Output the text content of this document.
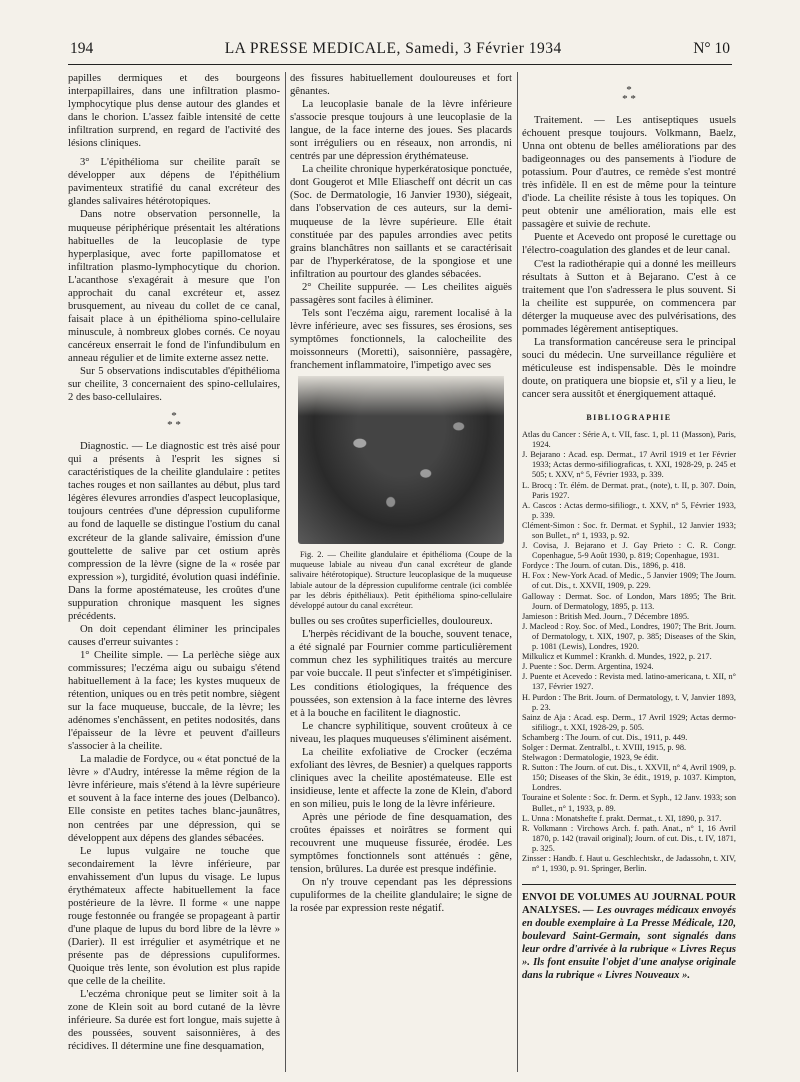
194	LA PRESSE MEDICALE, Samedi, 3 Février 1934	N° 10

papilles dermiques et des bourgeons interpapillaires, dans une infiltration plasmo-lymphocytique plus dense autour des glandes et dans le chorion. L'assez faible intensité de cette infiltration surprend, en regard de l'activité des lésions cliniques.

3° L'épithélioma sur cheilite paraît se développer aux dépens de l'épithélium pavimenteux stratifié du canal excréteur des glandes salivaires hétérotopiques.

Dans notre observation personnelle, la muqueuse périphérique présentait les altérations habituelles de la leucoplasie de type hyperplasique, avec forte papillomatose et infiltration plasmo-lymphocytique du chorion. L'acanthose s'exagérait à mesure que l'on approchait du canal excréteur et, assez brusquement, au niveau du collet de ce canal, faisait place à un épithélioma spino-cellulaire minuscule, à nombreux globes cornés. Ce noyau cancéreux enserrait le fond de l'infundibulum en anneau régulier et de limite externe assez nette.

Sur 5 observations indiscutables d'épithélioma sur cheilite, 3 concernaient des spino-cellulaires, 2 des baso-cellulaires.

*
* *

Diagnostic. — Le diagnostic est très aisé pour qui a présents à l'esprit les signes si caractéristiques de la cheilite glandulaire : petites taches rouges et non saillantes au début, plus tard légères élevures arrondies d'aspect leucoplasique, toujours centrées d'une dépression cupuliforme au fond de laquelle se distingue l'ostium du canal excréteur de la glande salivaire, émission d'une gouttelette de salive par cet ostium après compression de la lèvre (signe de la « rosée par expression »), turgidité, évolution quasi indéfinie. Dans la forme apostémateuse, les croûtes d'une suppuration chronique masquent les signes précédents.

On doit cependant éliminer les principales causes d'erreur suivantes :

1° Cheilite simple. — La perlèche siège aux commissures; l'eczéma aigu ou subaigu s'étend habituellement à la face; les kystes muqueux de rétention, uniques ou en très petit nombre, siègent sur la face muqueuse, buccale, de la lèvre; les adénomes s'enchâssent, en petites nodosités, dans l'épaisseur de la lèvre et peuvent d'ailleurs s'associer à la cheilite.

La maladie de Fordyce, ou « état ponctué de la lèvre » d'Audry, intéresse la même région de la lèvre inférieure, mais s'étend à la lèvre supérieure et souvent à la face interne des joues (Delbanco). Elle consiste en petites taches blanc-jaunâtres, non centrées par une dépression, qui se développent aux dépens des glandes sébacées.

Le lupus vulgaire ne touche que secondairement la lèvre inférieure, par envahissement d'un lupus du visage. Le lupus érythémateux affecte habituellement la face postérieure de la lèvre. Il forme « une nappe rouge festonnée ou frangée se propageant à partir d'une plaque de lupus du bord libre de la lèvre » (Darier). Il est irrégulier et asymétrique et ne présente pas de dépressions cupuliformes. Quoique très lente, son évolution est plus rapide que celle de la cheilite.

L'eczéma chronique peut se limiter soit à la zone de Klein soit au bord cutané de la lèvre inférieure. Sa durée est fort longue, mais sujette à des poussées, souvent saisonnières, à des récidives. Il détermine une fine desquamation,

des fissures habituellement douloureuses et fort gênantes.

La leucoplasie banale de la lèvre inférieure s'associe presque toujours à une leucoplasie de la langue, de la face interne des joues. Ses placards sont irréguliers ou en réseaux, non arrondis, ni centrés par une dépression érythémateuse.

La cheilite chronique hyperkératosique ponctuée, dont Gougerot et Mlle Eliascheff ont décrit un cas (Soc. de Dermatologie, 16 Janvier 1930), siégeait, dans l'observation de ces auteurs, sur la demi-muqueuse de la lèvre supérieure. Elle était constituée par des papules arrondies avec petits grains blanchâtres non saillants et se caractérisait par de l'hyperkératose, de la spongiose et une infiltration au pourtour des glandes sébacées.

2° Cheilite suppurée. — Les cheilites aiguës passagères sont faciles à éliminer.

Tels sont l'eczéma aigu, rarement localisé à la lèvre inférieure, avec ses fissures, ses érosions, ses symptômes fonctionnels, la calocheilite des moissonneurs (Moretti), saisonnière, passagère, franchement inflammatoire, l'impetigo avec ses

Fig. 2. — Cheilite glandulaire et épithélioma (Coupe de la muqueuse labiale au niveau d'un canal excréteur de glande salivaire hétérotopique). Structure leucoplasique de la muqueuse labiale autour de la dépression cupuliforme centrale (ici comblée par les débris épithéliaux). Petit épithélioma spino-cellulaire développé autour du canal excréteur.

bulles ou ses croûtes superficielles, douloureux.

L'herpès récidivant de la bouche, souvent tenace, a été signalé par Fournier comme particulièrement commun chez les syphilitiques traités au mercure par voie buccale. Il peut s'infecter et s'impétiginiser. Les conditions étiologiques, la fréquence des poussées, son extension à la face interne des lèvres et à la bouche en facilitent le diagnostic.

Le chancre syphilitique, souvent croûteux à ce niveau, les plaques muqueuses s'éliminent aisément.

La cheilite exfoliative de Crocker (eczéma exfoliant des lèvres, de Besnier) a quelques rapports cliniques avec la cheilite apostémateuse. Elle est insidieuse, lente et affecte la zone de Klein, d'abord en son milieu, puis le long de la lèvre inférieure.

Après une période de fine desquamation, des croûtes épaisses et noirâtres se forment qui recouvrent une muqueuse fissurée, érodée. Les symptômes fonctionnels sont atténués : gêne, tension, brûlures. La durée est presque indéfinie.

On n'y trouve cependant pas les dépressions cupuliformes de la cheilite glandulaire; le signe de la rosée par expression reste négatif.

*
* *

Traitement. — Les antiseptiques usuels échouent presque toujours. Volkmann, Baelz, Unna ont obtenu de belles améliorations par des badigeonnages ou des pansements à l'iodure de potassium. Pour d'autres, ce remède s'est montré très infidèle. Il en est de même pour la teinture d'iode. La cheilite résiste à tous les topiques. On peut obtenir une amélioration, mais elle est passagère et suivie de rechute.

Puente et Acevedo ont proposé le curettage ou l'électro-coagulation des glandes et de leur canal.

C'est la radiothérapie qui a donné les meilleurs résultats à Sutton et à Bejarano. C'est à ce traitement que l'on s'adressera le plus souvent. Si la cheilite est suppurée, on commencera par déterger la muqueuse avec des pulvérisations, des pommades légèrement antiseptiques.

La transformation cancéreuse sera le principal souci du médecin. Une surveillance régulière et méticuleuse est indispensable. Dès le moindre doute, on pratiquera une biopsie et, s'il y a lieu, le cancer sera aussitôt et énergiquement attaqué.

BIBLIOGRAPHIE

Atlas du Cancer : Série A, t. VII, fasc. 1, pl. 11 (Masson), Paris, 1924.

J. Bejarano : Acad. esp. Dermat., 17 Avril 1919 et 1er Février 1933; Actas dermo-sifiliograficas, t. XXI, 1928-29, p. 245 et 505; t. XXV, n° 5, Février 1933, p. 339.

L. Brocq : Tr. élém. de Dermat. prat., (note), t. II, p. 307. Doin, Paris 1927.

A. Cascos : Actas dermo-sifiliogr., t. XXV, n° 5, Février 1933, p. 339.

Clément-Simon : Soc. fr. Dermat. et Syphil., 12 Janvier 1933; son Bullet., n° 1, 1933, p. 92.

J. Covisa, J. Bejarano et J. Gay Prieto : C. R. Congr. Copenhague, 5-9 Août 1930, p. 819; Copenhague, 1931.

Fordyce : The Journ. of cutan. Dis., 1896, p. 418.

H. Fox : New-York Acad. of Medic., 5 Janvier 1909; The Journ. of cut. Dis., t. XXVII, 1909, p. 229.

Galloway : Dermat. Soc. of London, Mars 1895; The Brit. Journ. of Dermatology, 1895, p. 113.

Jamieson : British Med. Journ., 7 Décembre 1895.

J. Macleod : Roy. Soc. of Med., Londres, 1907; The Brit. Journ. of Dermatology, t. XIX, 1907, p. 385; Diseases of the Skin, p. 1081 (Lewis), Londres, 1920.

Milkulicz et Kummel : Krankh. d. Mundes, 1922, p. 217.

J. Puente : Soc. Derm. Argentina, 1924.

J. Puente et Acevedo : Revista med. latino-americana, t. XII, n° 137, Février 1927.

H. Purdon : The Brit. Journ. of Dermatology, t. V, Janvier 1893, p. 23.

Sainz de Aja : Acad. esp. Derm., 17 Avril 1929; Actas dermo-sifiliogr., t. XXI, 1928-29, p. 505.

Schamberg : The Journ. of cut. Dis., 1911, p. 449.

Solger : Dermat. Zentralbl., t. XVIII, 1915, p. 98.

Stelwagon : Dermatologie, 1923, 9e édit.

R. Sutton : The Journ. of cut. Dis., t. XXVII, n° 4, Avril 1909, p. 150; Diseases of the Skin, 3e édit., 1919, p. 1037. Kimpton, Londres.

Touraine et Solente : Soc. fr. Derm. et Syph., 12 Janv. 1933; son Bullet., n° 1, 1933, p. 89.

L. Unna : Monatshefte f. prakt. Dermat., t. XI, 1890, p. 317.

R. Volkmann : Virchows Arch. f. path. Anat., n° 1, 16 Avril 1870, p. 142 (travail original); Journ. of cut. Dis., t. IV, 1871, p. 325.

Zinsser : Handb. f. Haut u. Geschlechtskr., de Jadassohn, t. XIV, n° 1, 1930, p. 91. Springer, Berlin.

ENVOI DE VOLUMES AU JOURNAL POUR ANALYSES. — Les ouvrages médicaux envoyés en double exemplaire à La Presse Médicale, 120, boulevard Saint-Germain, sont signalés dans leur ordre d'arrivée à la rubrique « Livres Reçus ». Ils font ensuite l'objet d'une analyse originale dans la rubrique « Livres Nouveaux ».
